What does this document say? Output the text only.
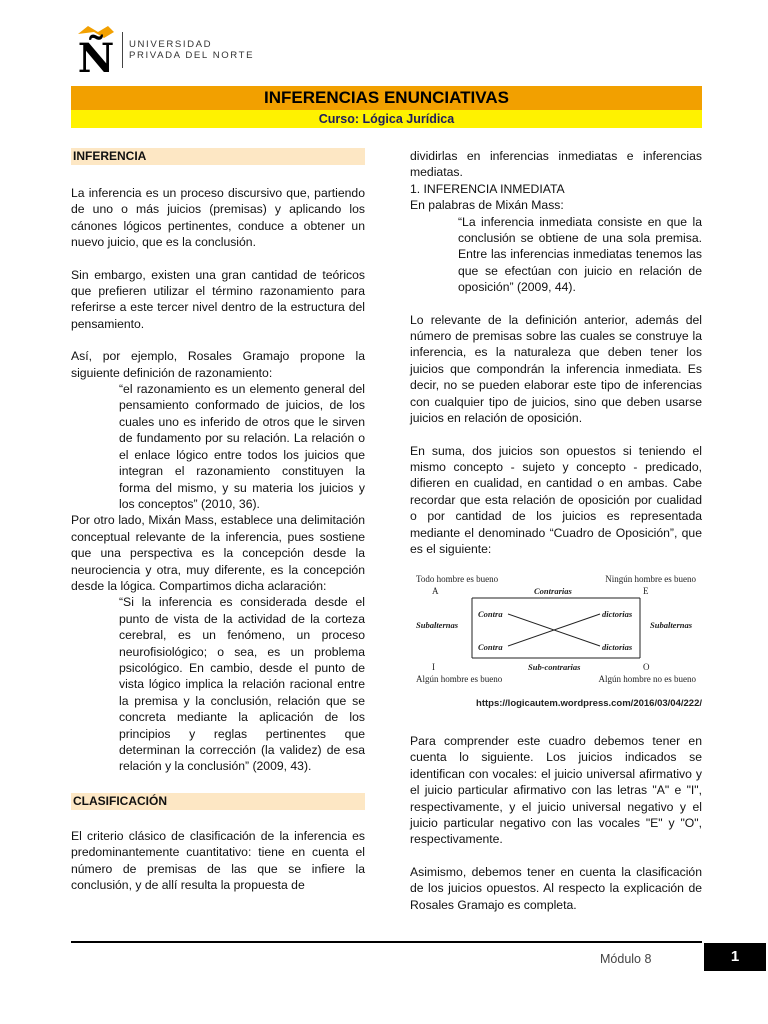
Ñ UNIVERSIDAD
PRIVADA DEL NORTE
INFERENCIAS ENUNCIATIVAS
Curso: Lógica Jurídica

INFERENCIA

La inferencia es un proceso discursivo que, partiendo de uno o más juicios (premisas) y aplicando los cánones lógicos pertinentes, conduce a obtener un nuevo juicio, que es la conclusión.

Sin embargo, existen una gran cantidad de teóricos que prefieren utilizar el término razonamiento para referirse a este tercer nivel dentro de la estructura del pensamiento.

Así, por ejemplo, Rosales Gramajo propone la siguiente definición de razonamiento:

“el razonamiento es un elemento general del pensamiento conformado de juicios, de los cuales uno es inferido de otros que le sirven de fundamento por su relación. La relación o el enlace lógico entre todos los juicios que integran el razonamiento constituyen la forma del mismo, y su materia los juicios y los conceptos” (2010, 36).

Por otro lado, Mixán Mass, establece una delimitación conceptual relevante de la inferencia, pues sostiene que una perspectiva es la concepción desde la neurociencia y otra, muy diferente, es la concepción desde la lógica. Compartimos dicha aclaración:

“Si la inferencia es considerada desde el punto de vista de la actividad de la corteza cerebral, es un fenómeno, un proceso neurofisiológico; o sea, es un problema psicológico. En cambio, desde el punto de vista lógico implica la relación racional entre la premisa y la conclusión, relación que se concreta mediante la aplicación de los principios y reglas pertinentes que determinan la corrección (la validez) de esa relación y la conclusión” (2009, 43).

CLASIFICACIÓN

El criterio clásico de clasificación de la inferencia es predominantemente cuantitativo: tiene en cuenta el número de premisas de las que se infiere la conclusión, y de allí resulta la propuesta de

dividirlas en inferencias inmediatas e inferencias mediatas.

1. INFERENCIA INMEDIATA

En palabras de Mixán Mass:

“La inferencia inmediata consiste en que la conclusión se obtiene de una sola premisa. Entre las inferencias inmediatas tenemos las que se efectúan con juicio en relación de oposición” (2009, 44).

Lo relevante de la definición anterior, además del número de premisas sobre las cuales se construye la inferencia, es la naturaleza que deben tener los juicios que compondrán la inferencia inmediata. Es decir, no se pueden elaborar este tipo de inferencias con cualquier tipo de juicios, sino que deben usarse juicios en relación de oposición.

En suma, dos juicios son opuestos si teniendo el mismo concepto - sujeto y concepto - predicado, difieren en cualidad, en cantidad o en ambas. Cabe recordar que esta relación de oposición por cualidad o por cantidad de los juicios es representada mediante el denominado “Cuadro de Oposición”, que es el siguiente:

Todo hombre es bueno	Ningún hombre es bueno
A	E
I	O
Algún hombre es bueno	Algún hombre no es bueno
Contrarias
Sub-contrarias
Subalternas	Subalternas
Contra
Contra
dictorias
dictorias
https://logicautem.wordpress.com/2016/03/04/222/

Para comprender este cuadro debemos tener en cuenta lo siguiente. Los juicios indicados se identifican con vocales: el juicio universal afirmativo y el juicio particular afirmativo con las letras "A" e "I", respectivamente, y el juicio universal negativo y el juicio particular negativo con las vocales "E" y "O", respectivamente.

Asimismo, debemos tener en cuenta la clasificación de los juicios opuestos. Al respecto la explicación de Rosales Gramajo es completa.

Módulo 8	1
